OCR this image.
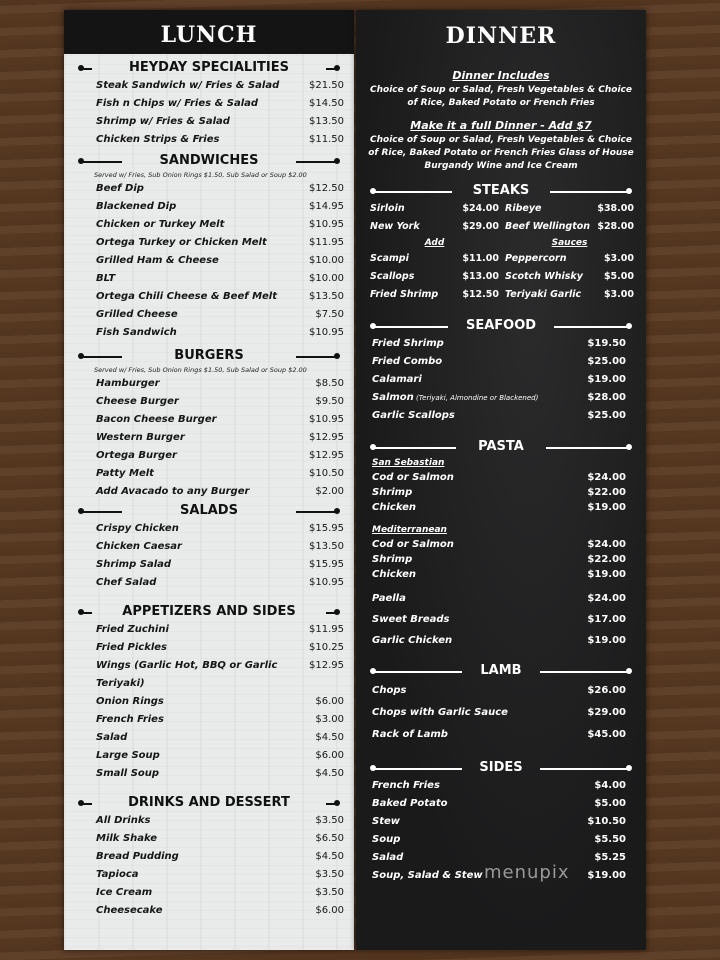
LUNCH
HEYDAY SPECIALITIES
Steak Sandwich w/ Fries & Salad	$21.50
Fish n Chips w/ Fries & Salad	$14.50
Shrimp w/ Fries & Salad	$13.50
Chicken Strips & Fries	$11.50
SANDWICHES
Served w/ Fries, Sub Onion Rings $1.50, Sub Salad or Soup $2.00
Beef Dip	$12.50
Blackened Dip	$14.95
Chicken or Turkey Melt	$10.95
Ortega Turkey or Chicken Melt	$11.95
Grilled Ham & Cheese	$10.00
BLT	$10.00
Ortega Chili Cheese & Beef Melt	$13.50
Grilled Cheese	$7.50
Fish Sandwich	$10.95
BURGERS
Served w/ Fries, Sub Onion Rings $1.50, Sub Salad or Soup $2.00
Hamburger	$8.50
Cheese Burger	$9.50
Bacon Cheese Burger	$10.95
Western Burger	$12.95
Ortega Burger	$12.95
Patty Melt	$10.50
Add Avacado to any Burger	$2.00
SALADS
Crispy Chicken	$15.95
Chicken Caesar	$13.50
Shrimp Salad	$15.95
Chef Salad	$10.95
APPETIZERS AND SIDES
Fried Zuchini	$11.95
Fried Pickles	$10.25
Wings (Garlic Hot, BBQ or Garlic Teriyaki)
$12.95
Onion Rings	$6.00
French Fries	$3.00
Salad	$4.50
Large Soup	$6.00
Small Soup	$4.50
DRINKS AND DESSERT
All Drinks	$3.50
Milk Shake	$6.50
Bread Pudding	$4.50
Tapioca	$3.50
Ice Cream	$3.50
Cheesecake	$6.00
DINNER
Dinner Includes
Choice of Soup or Salad, Fresh Vegetables & Choice of Rice, Baked Potato or French Fries
Make it a full Dinner - Add $7
Choice of Soup or Salad, Fresh Vegetables & Choice of Rice, Baked Potato or French Fries Glass of House Burgandy Wine and Ice Cream
STEAKS
Sirloin	$24.00 Ribeye	$38.00
New York	$29.00 Beef Wellington $28.00
Add	Sauces
Scampi	$11.00 Peppercorn	$3.00
Scallops	$13.00 Scotch Whisky $5.00
Fried Shrimp	$12.50 Teriyaki Garlic $3.00
SEAFOOD
Fried Shrimp	$19.50
Fried Combo	$25.00
Calamari	$19.00
Salmon (Teriyaki, Almondine or Blackened)	$28.00
Garlic Scallops	$25.00
PASTA
San Sebastian
Cod or Salmon	$24.00
Shrimp	$22.00
Chicken	$19.00
Mediterranean
Cod or Salmon	$24.00
Shrimp	$22.00
Chicken	$19.00
Paella	$24.00
Sweet Breads	$17.00
Garlic Chicken	$19.00
LAMB
Chops	$26.00
Chops with Garlic Sauce	$29.00
Rack of Lamb	$45.00
SIDES
French Fries	$4.00
Baked Potato	$5.00
Stew	$10.50
Soup	$5.50
Salad	$5.25
Soup, Salad & Stew	$19.00
menupix
